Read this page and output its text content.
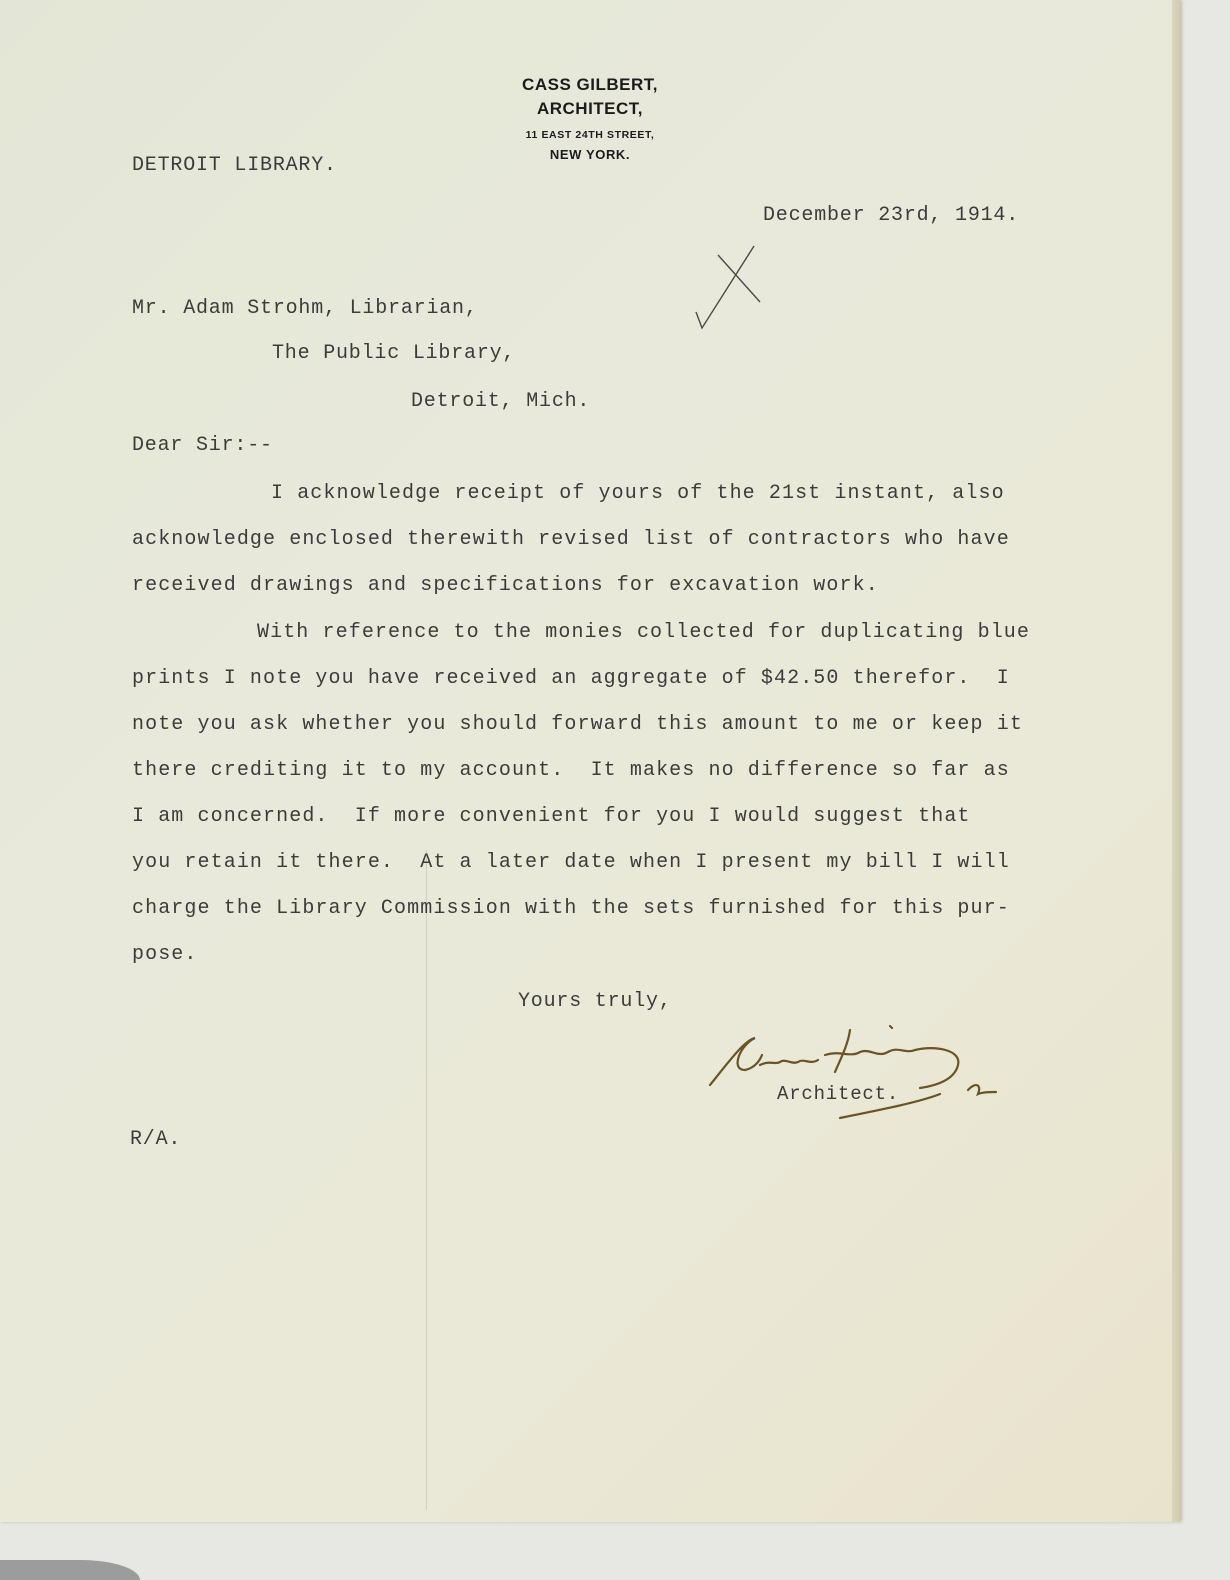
CASS GILBERT,
ARCHITECT,
11 EAST 24TH STREET,
NEW YORK.
DETROIT LIBRARY.
December 23rd, 1914.
Mr. Adam Strohm, Librarian,
The Public Library,
Detroit, Mich.
Dear Sir:--
I acknowledge receipt of yours of the 21st instant, also
acknowledge enclosed therewith revised list of contractors who have
received drawings and specifications for excavation work.
With reference to the monies collected for duplicating blue
prints I note you have received an aggregate of $42.50 therefor.  I
note you ask whether you should forward this amount to me or keep it
there crediting it to my account.  It makes no difference so far as
I am concerned.  If more convenient for you I would suggest that
you retain it there.  At a later date when I present my bill I will
charge the Library Commission with the sets furnished for this pur-
pose.
Yours truly,
Architect.
R/A.
